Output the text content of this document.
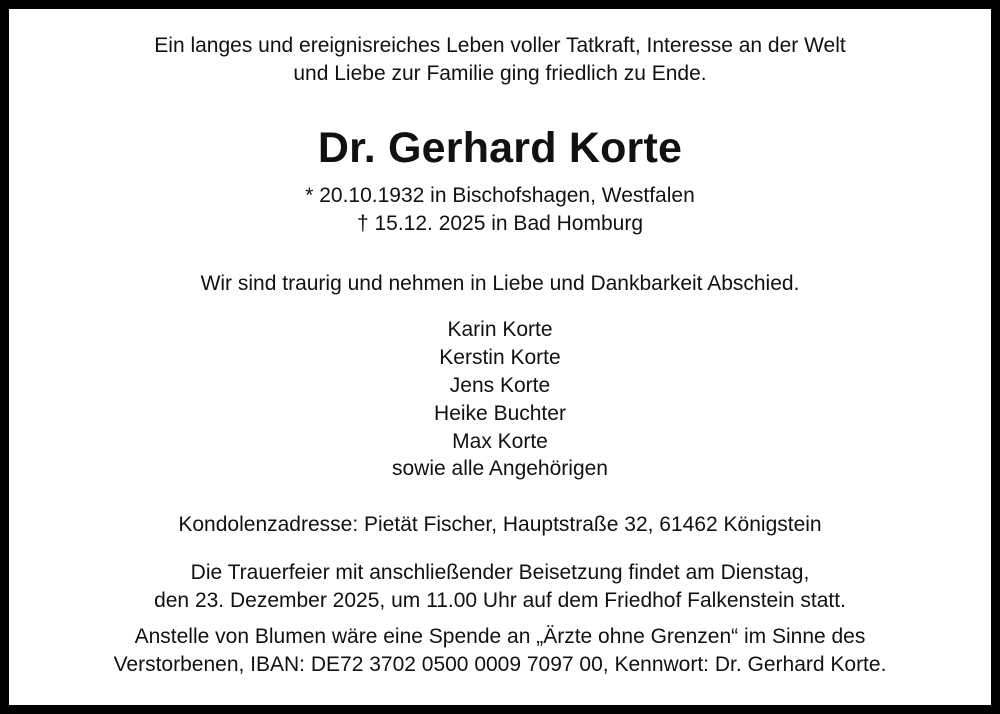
Ein langes und ereignisreiches Leben voller Tatkraft, Interesse an der Welt
und Liebe zur Familie ging friedlich zu Ende.
Dr. Gerhard Korte
* 20.10.1932 in Bischofshagen, Westfalen
† 15.12. 2025 in Bad Homburg
Wir sind traurig und nehmen in Liebe und Dankbarkeit Abschied.
Karin Korte
Kerstin Korte
Jens Korte
Heike Buchter
Max Korte
sowie alle Angehörigen
Kondolenzadresse: Pietät Fischer, Hauptstraße 32, 61462 Königstein
Die Trauerfeier mit anschließender Beisetzung findet am Dienstag,
den 23. Dezember 2025, um 11.00 Uhr auf dem Friedhof Falkenstein statt.
Anstelle von Blumen wäre eine Spende an „Ärzte ohne Grenzen“ im Sinne des
Verstorbenen, IBAN: DE72 3702 0500 0009 7097 00, Kennwort: Dr. Gerhard Korte.
